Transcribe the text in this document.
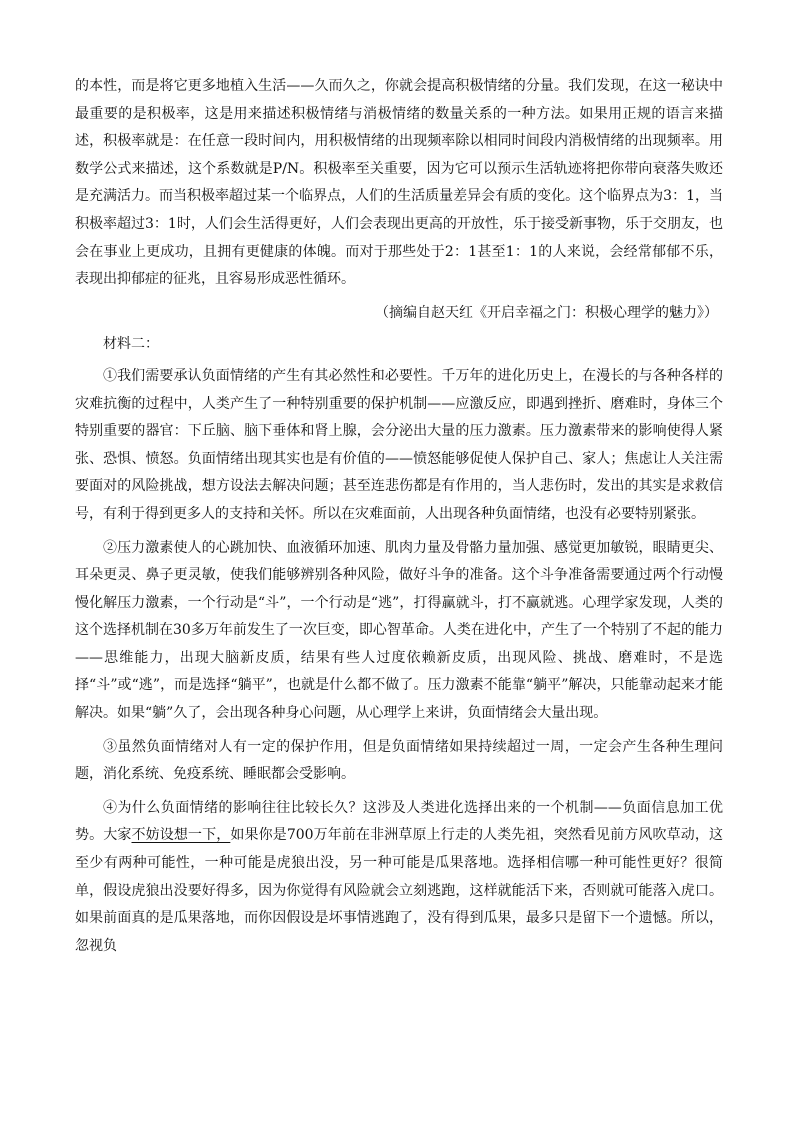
的本性，而是将它更多地植入生活——久而久之，你就会提高积极情绪的分量。我们发现，在这一秘诀中最重要的是积极率，这是用来描述积极情绪与消极情绪的数量关系的一种方法。如果用正规的语言来描述，积极率就是：在任意一段时间内，用积极情绪的出现频率除以相同时间段内消极情绪的出现频率。用数学公式来描述，这个系数就是P/N。积极率至关重要，因为它可以预示生活轨迹将把你带向衰落失败还是充满活力。而当积极率超过某一个临界点，人们的生活质量差异会有质的变化。这个临界点为3：1，当积极率超过3：1时，人们会生活得更好，人们会表现出更高的开放性，乐于接受新事物，乐于交朋友，也会在事业上更成功，且拥有更健康的体魄。而对于那些处于2：1甚至1：1的人来说，会经常郁郁不乐，表现出抑郁症的征兆，且容易形成恶性循环。

（摘编自赵天红《开启幸福之门：积极心理学的魅力》）

材料二：

①我们需要承认负面情绪的产生有其必然性和必要性。千万年的进化历史上，在漫长的与各种各样的灾难抗衡的过程中，人类产生了一种特别重要的保护机制——应激反应，即遇到挫折、磨难时，身体三个特别重要的器官：下丘脑、脑下垂体和肾上腺，会分泌出大量的压力激素。压力激素带来的影响使得人紧张、恐惧、愤怒。负面情绪出现其实也是有价值的——愤怒能够促使人保护自己、家人；焦虑让人关注需要面对的风险挑战，想方设法去解决问题；甚至连悲伤都是有作用的，当人悲伤时，发出的其实是求救信号，有利于得到更多人的支持和关怀。所以在灾难面前，人出现各种负面情绪，也没有必要特别紧张。

②压力激素使人的心跳加快、血液循环加速、肌肉力量及骨骼力量加强、感觉更加敏锐，眼睛更尖、耳朵更灵、鼻子更灵敏，使我们能够辨别各种风险，做好斗争的准备。这个斗争准备需要通过两个行动慢慢化解压力激素，一个行动是“斗”，一个行动是“逃”，打得赢就斗，打不赢就逃。心理学家发现，人类的这个选择机制在30多万年前发生了一次巨变，即心智革命。人类在进化中，产生了一个特别了不起的能力——思维能力，出现大脑新皮质，结果有些人过度依赖新皮质，出现风险、挑战、磨难时，不是选择“斗”或“逃”，而是选择“躺平”，也就是什么都不做了。压力激素不能靠“躺平”解决，只能靠动起来才能解决。如果“躺”久了，会出现各种身心问题，从心理学上来讲，负面情绪会大量出现。

③虽然负面情绪对人有一定的保护作用，但是负面情绪如果持续超过一周，一定会产生各种生理问题，消化系统、免疫系统、睡眠都会受影响。

④为什么负面情绪的影响往往比较长久？这涉及人类进化选择出来的一个机制——负面信息加工优势。大家不妨设想一下，如果你是700万年前在非洲草原上行走的人类先祖，突然看见前方风吹草动，这至少有两种可能性，一种可能是虎狼出没，另一种可能是瓜果落地。选择相信哪一种可能性更好？很简单，假设虎狼出没要好得多，因为你觉得有风险就会立刻逃跑，这样就能活下来，否则就可能落入虎口。如果前面真的是瓜果落地，而你因假设是坏事情逃跑了，没有得到瓜果，最多只是留下一个遗憾。所以，忽视负
